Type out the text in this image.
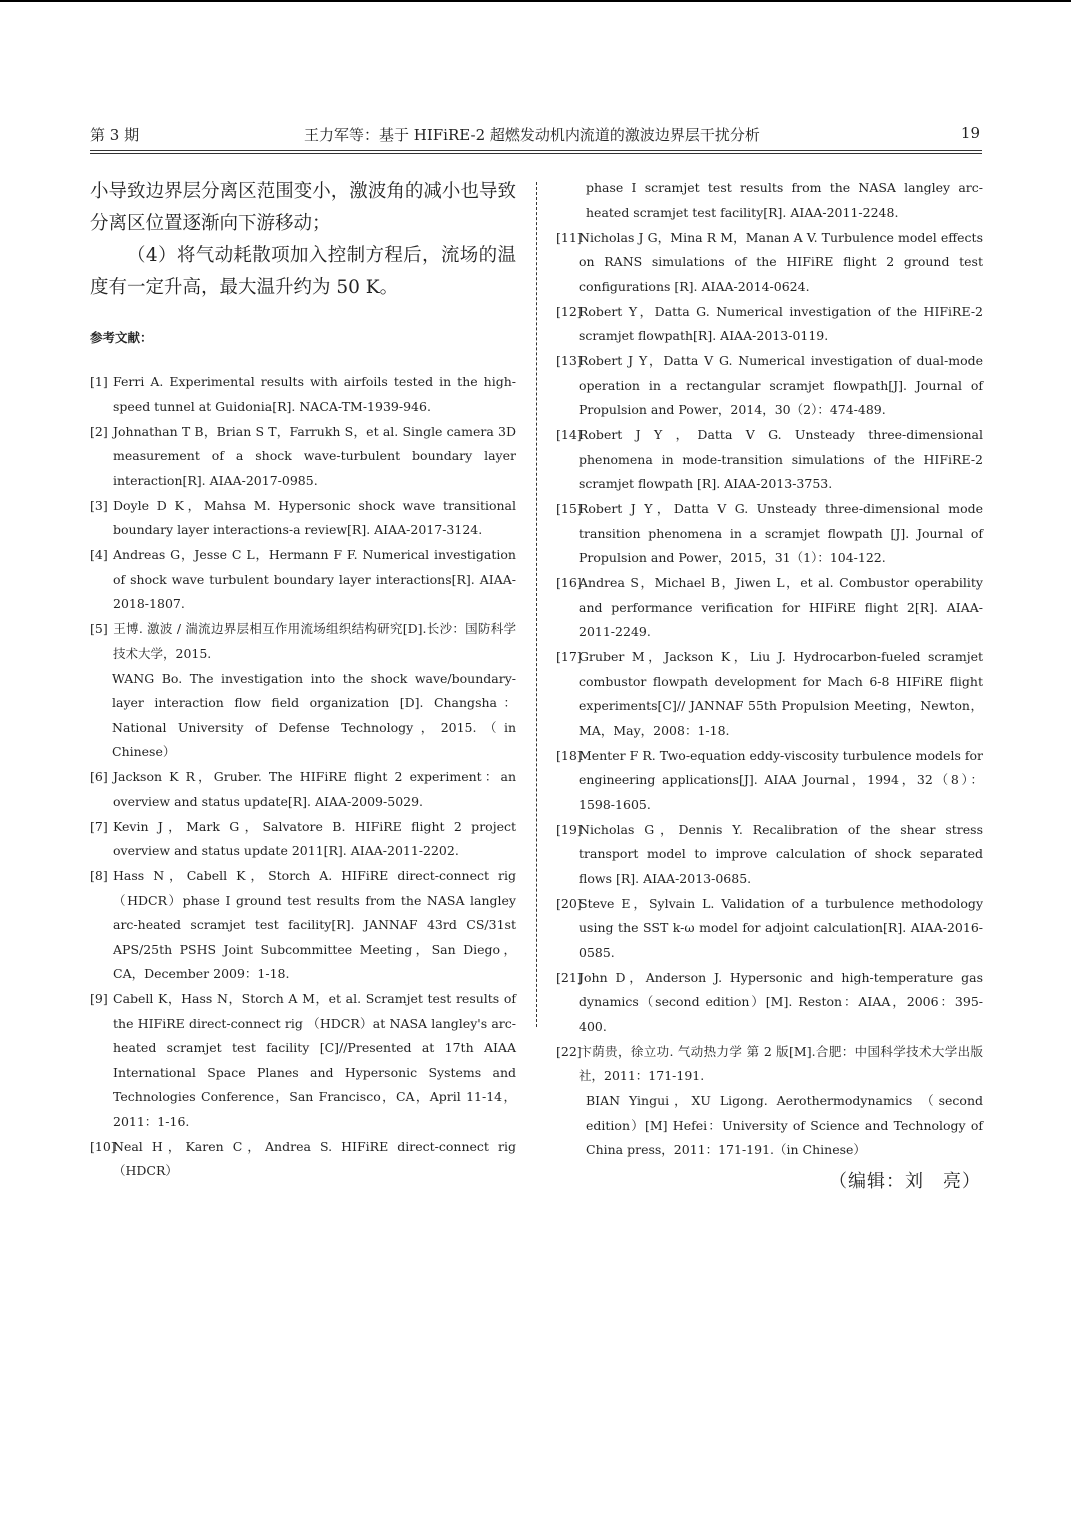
第 3 期	王力军等：基于 HIFiRE-2 超燃发动机内流道的激波边界层干扰分析	19

小导致边界层分离区范围变小，激波角的减小也导致分离区位置逐渐向下游移动；

（4）将气动耗散项加入控制方程后，流场的温度有一定升高，最大温升约为 50 K。

参考文献：

[1] Ferri A. Experimental results with airfoils tested in the high-speed tunnel at Guidonia[R]. NACA-TM-1939-946.

[2] Johnathan T B，Brian S T，Farrukh S，et al. Single camera 3D measurement of a shock wave-turbulent boundary layer interaction[R]. AIAA-2017-0985.

[3] Doyle D K，Mahsa M. Hypersonic shock wave transitional boundary layer interactions-a review[R]. AIAA-2017-3124.

[4] Andreas G，Jesse C L，Hermann F F. Numerical investigation of shock wave turbulent boundary layer interactions[R]. AIAA-2018-1807.

[5] 王博. 激波 / 湍流边界层相互作用流场组织结构研究[D].长沙：国防科学技术大学，2015.

WANG Bo. The investigation into the shock wave/boundary-layer interaction flow field organization [D]. Changsha：National University of Defense Technology，2015.（in Chinese）

[6] Jackson K R，Gruber. The HIFiRE flight 2 experiment：an overview and status update[R]. AIAA-2009-5029.

[7] Kevin J，Mark G，Salvatore B. HIFiRE flight 2 project overview and status update 2011[R]. AIAA-2011-2202.

[8] Hass N，Cabell K，Storch A. HIFiRE direct-connect rig（HDCR）phase I ground test results from the NASA langley arc-heated scramjet test facility[R]. JANNAF 43rd CS/31st APS/25th PSHS Joint Subcommittee Meeting，San Diego，CA，December 2009：1-18.

[9] Cabell K，Hass N，Storch A M，et al. Scramjet test results of the HIFiRE direct-connect rig （HDCR）at NASA langley's arc-heated scramjet test facility [C]//Presented at 17th AIAA International Space Planes and Hypersonic Systems and Technologies Conference，San Francisco，CA，April 11-14，2011：1-16.

[10]Neal H，Karen C，Andrea S. HIFiRE direct-connect rig （HDCR）

phase I scramjet test results from the NASA langley arc-heated scramjet test facility[R]. AIAA-2011-2248.

[11]Nicholas J G，Mina R M，Manan A V. Turbulence model effects on RANS simulations of the HIFiRE flight 2 ground test configurations [R]. AIAA-2014-0624.

[12]Robert Y，Datta G. Numerical investigation of the HIFiRE-2 scramjet flowpath[R]. AIAA-2013-0119.

[13]Robert J Y，Datta V G. Numerical investigation of dual-mode operation in a rectangular scramjet flowpath[J]. Journal of Propulsion and Power，2014，30（2）：474-489.

[14]Robert J Y ，Datta V G. Unsteady three-dimensional phenomena in mode-transition simulations of the HIFiRE-2 scramjet flowpath [R]. AIAA-2013-3753.

[15]Robert J Y，Datta V G. Unsteady three-dimensional mode transition phenomena in a scramjet flowpath [J]. Journal of Propulsion and Power，2015，31（1）：104-122.

[16]Andrea S，Michael B，Jiwen L，et al. Combustor operability and performance verification for HIFiRE flight 2[R]. AIAA-2011-2249.

[17]Gruber M，Jackson K，Liu J. Hydrocarbon-fueled scramjet combustor flowpath development for Mach 6-8 HIFiRE flight experiments[C]// JANNAF 55th Propulsion Meeting，Newton，MA，May，2008：1-18.

[18]Menter F R. Two-equation eddy-viscosity turbulence models for engineering applications[J]. AIAA Journal，1994，32（8）：1598-1605.

[19]Nicholas G，Dennis Y. Recalibration of the shear stress transport model to improve calculation of shock separated flows [R]. AIAA-2013-0685.

[20]Steve E，Sylvain L. Validation of a turbulence methodology using the SST k-ω model for adjoint calculation[R]. AIAA-2016-0585.

[21]John D，Anderson J. Hypersonic and high-temperature gas dynamics（second edition）[M]. Reston：AIAA，2006：395-400.

[22]卞荫贵，徐立功. 气动热力学 第 2 版[M].合肥：中国科学技术大学出版社，2011：171-191.

BIAN Yingui，XU Ligong. Aerothermodynamics （second edition）[M] Hefei：University of Science and Technology of China press，2011：171-191.（in Chinese）

（编辑：刘　亮）
